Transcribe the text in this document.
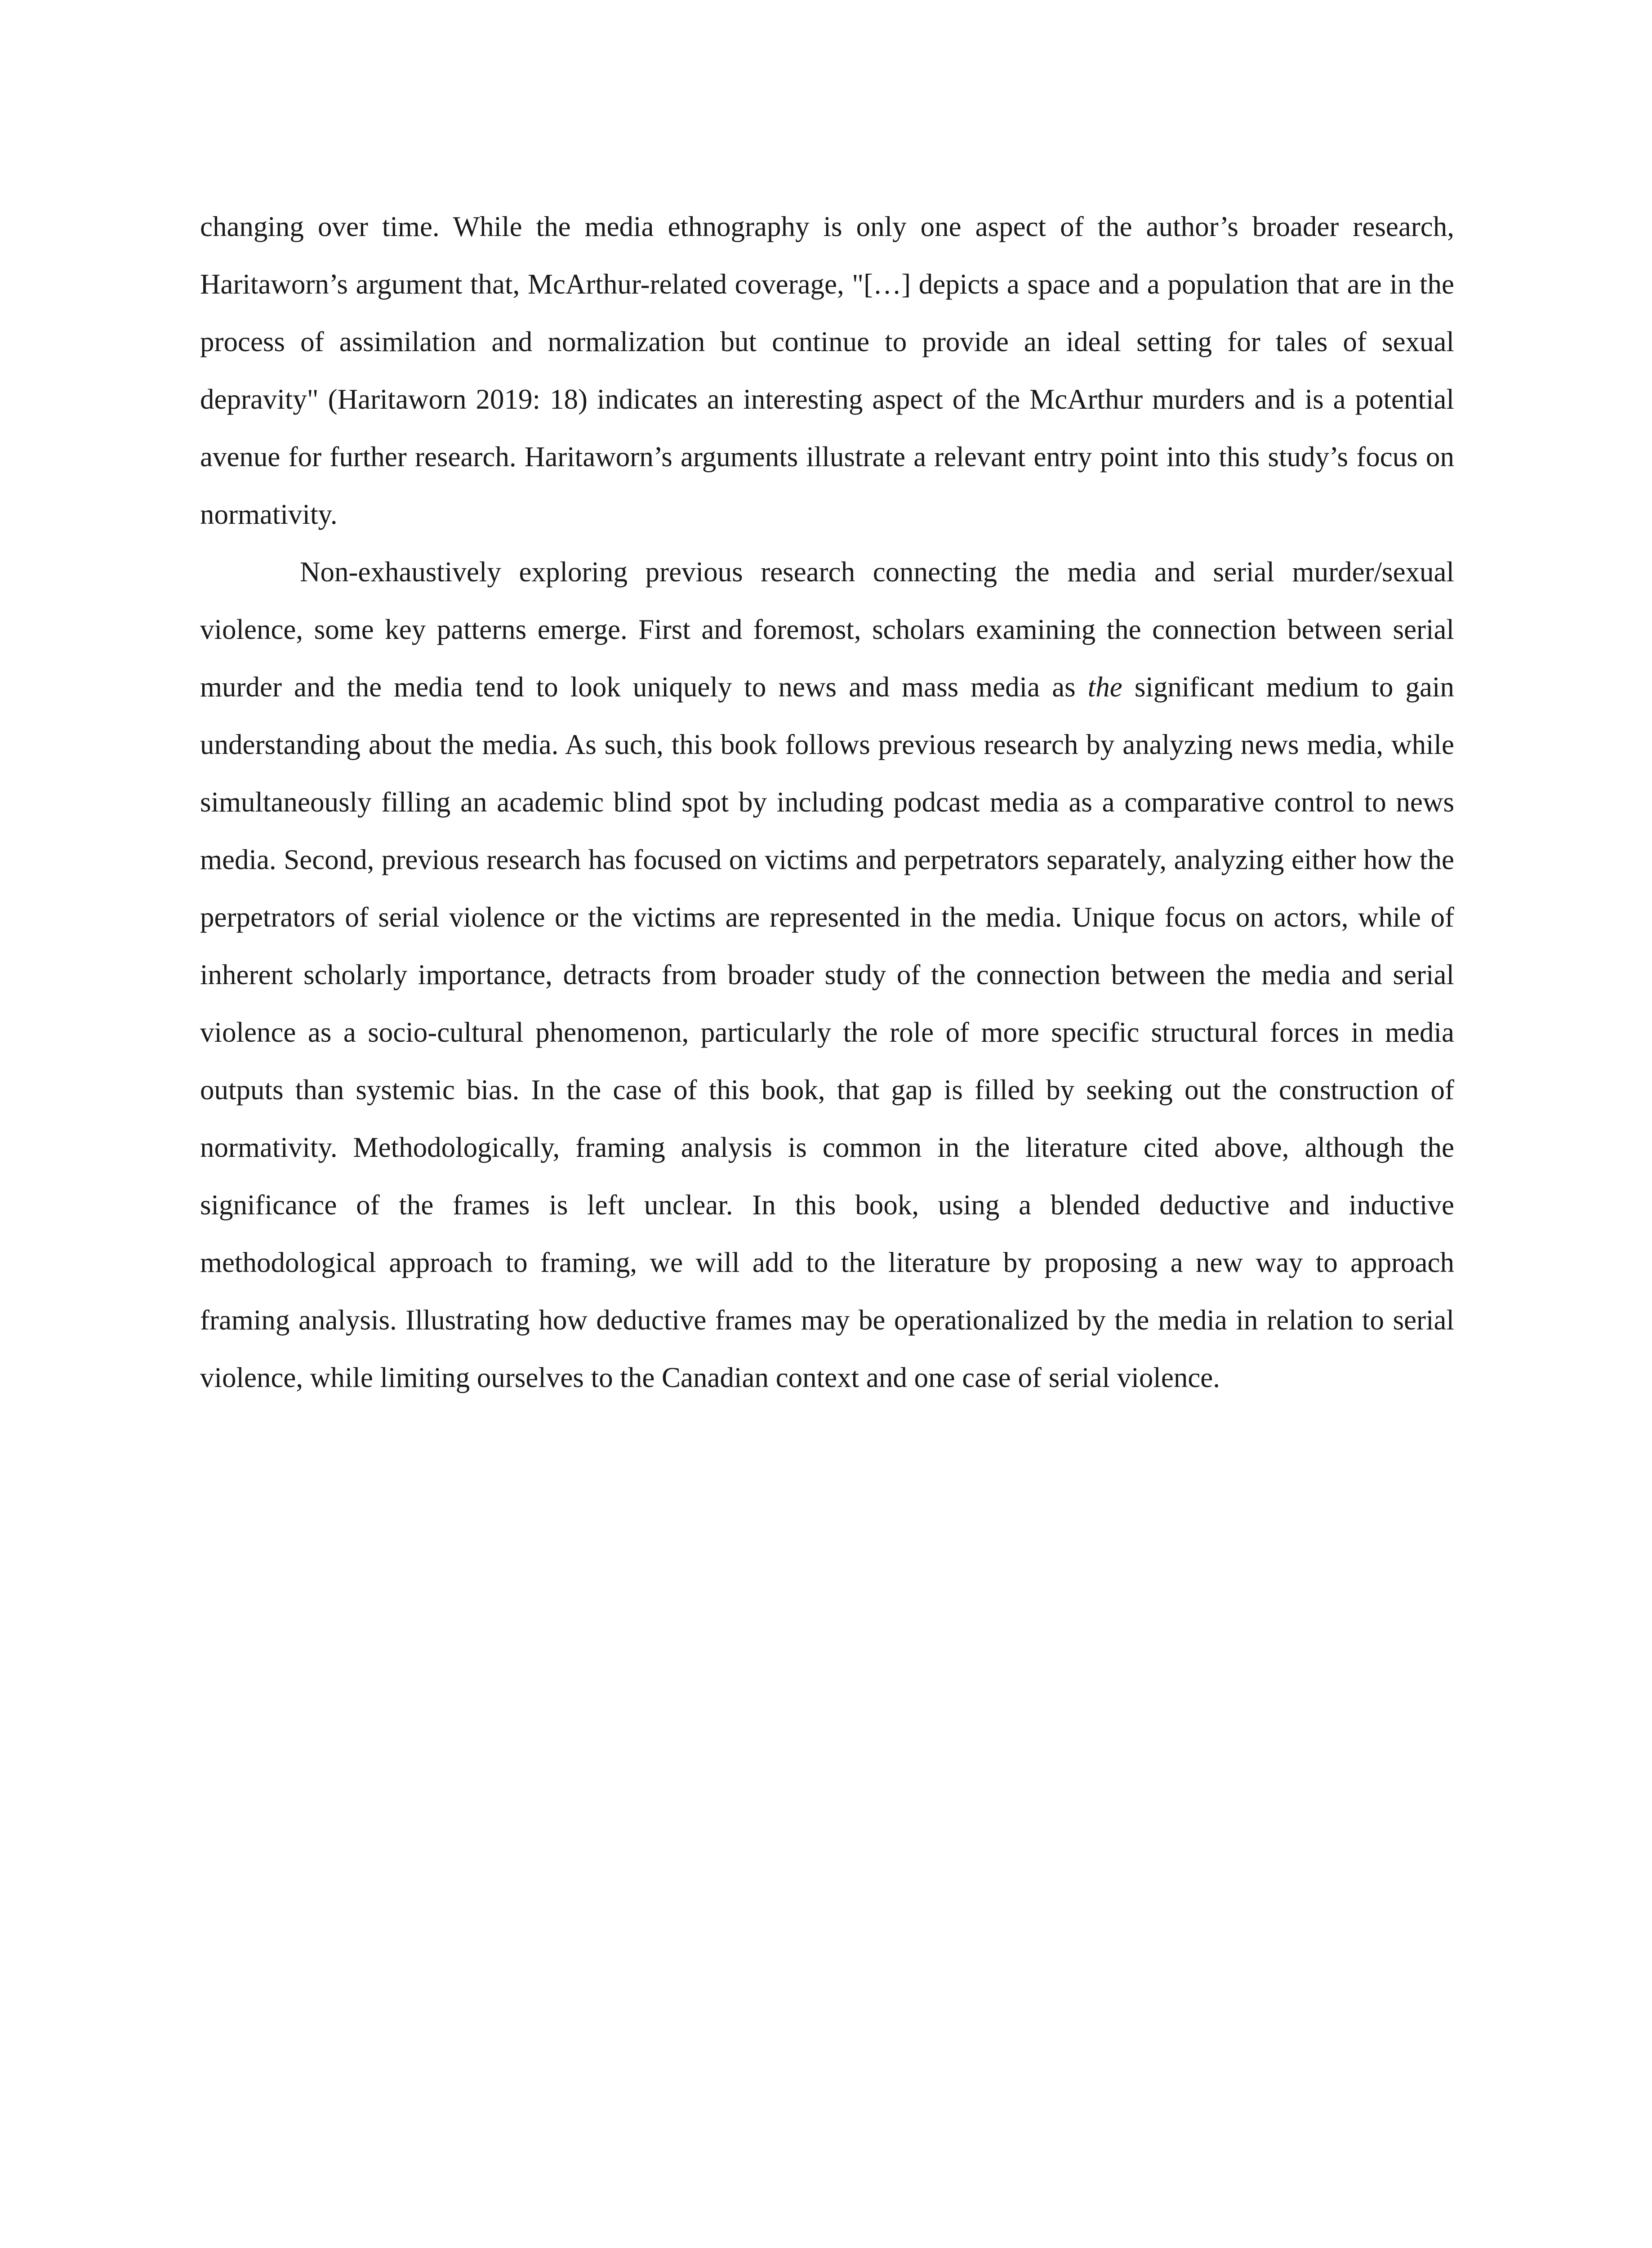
changing over time. While the media ethnography is only one aspect of the author’s broader research, Haritaworn’s argument that, McArthur-related coverage, "[…] depicts a space and a population that are in the process of assimilation and normalization but continue to provide an ideal setting for tales of sexual depravity" (Haritaworn 2019: 18) indicates an interesting aspect of the McArthur murders and is a potential avenue for further research. Haritaworn’s arguments illustrate a relevant entry point into this study’s focus on normativity.

Non-exhaustively exploring previous research connecting the media and serial murder/sexual violence, some key patterns emerge. First and foremost, scholars examining the connection between serial murder and the media tend to look uniquely to news and mass media as the significant medium to gain understanding about the media. As such, this book follows previous research by analyzing news media, while simultaneously filling an academic blind spot by including podcast media as a comparative control to news media. Second, previous research has focused on victims and perpetrators separately, analyzing either how the perpetrators of serial violence or the victims are represented in the media. Unique focus on actors, while of inherent scholarly importance, detracts from broader study of the connection between the media and serial violence as a socio-cultural phenomenon, particularly the role of more specific structural forces in media outputs than systemic bias. In the case of this book, that gap is filled by seeking out the construction of normativity. Methodologically, framing analysis is common in the literature cited above, although the significance of the frames is left unclear. In this book, using a blended deductive and inductive methodological approach to framing, we will add to the literature by proposing a new way to approach framing analysis. Illustrating how deductive frames may be operationalized by the media in relation to serial violence, while limiting ourselves to the Canadian context and one case of serial violence.
